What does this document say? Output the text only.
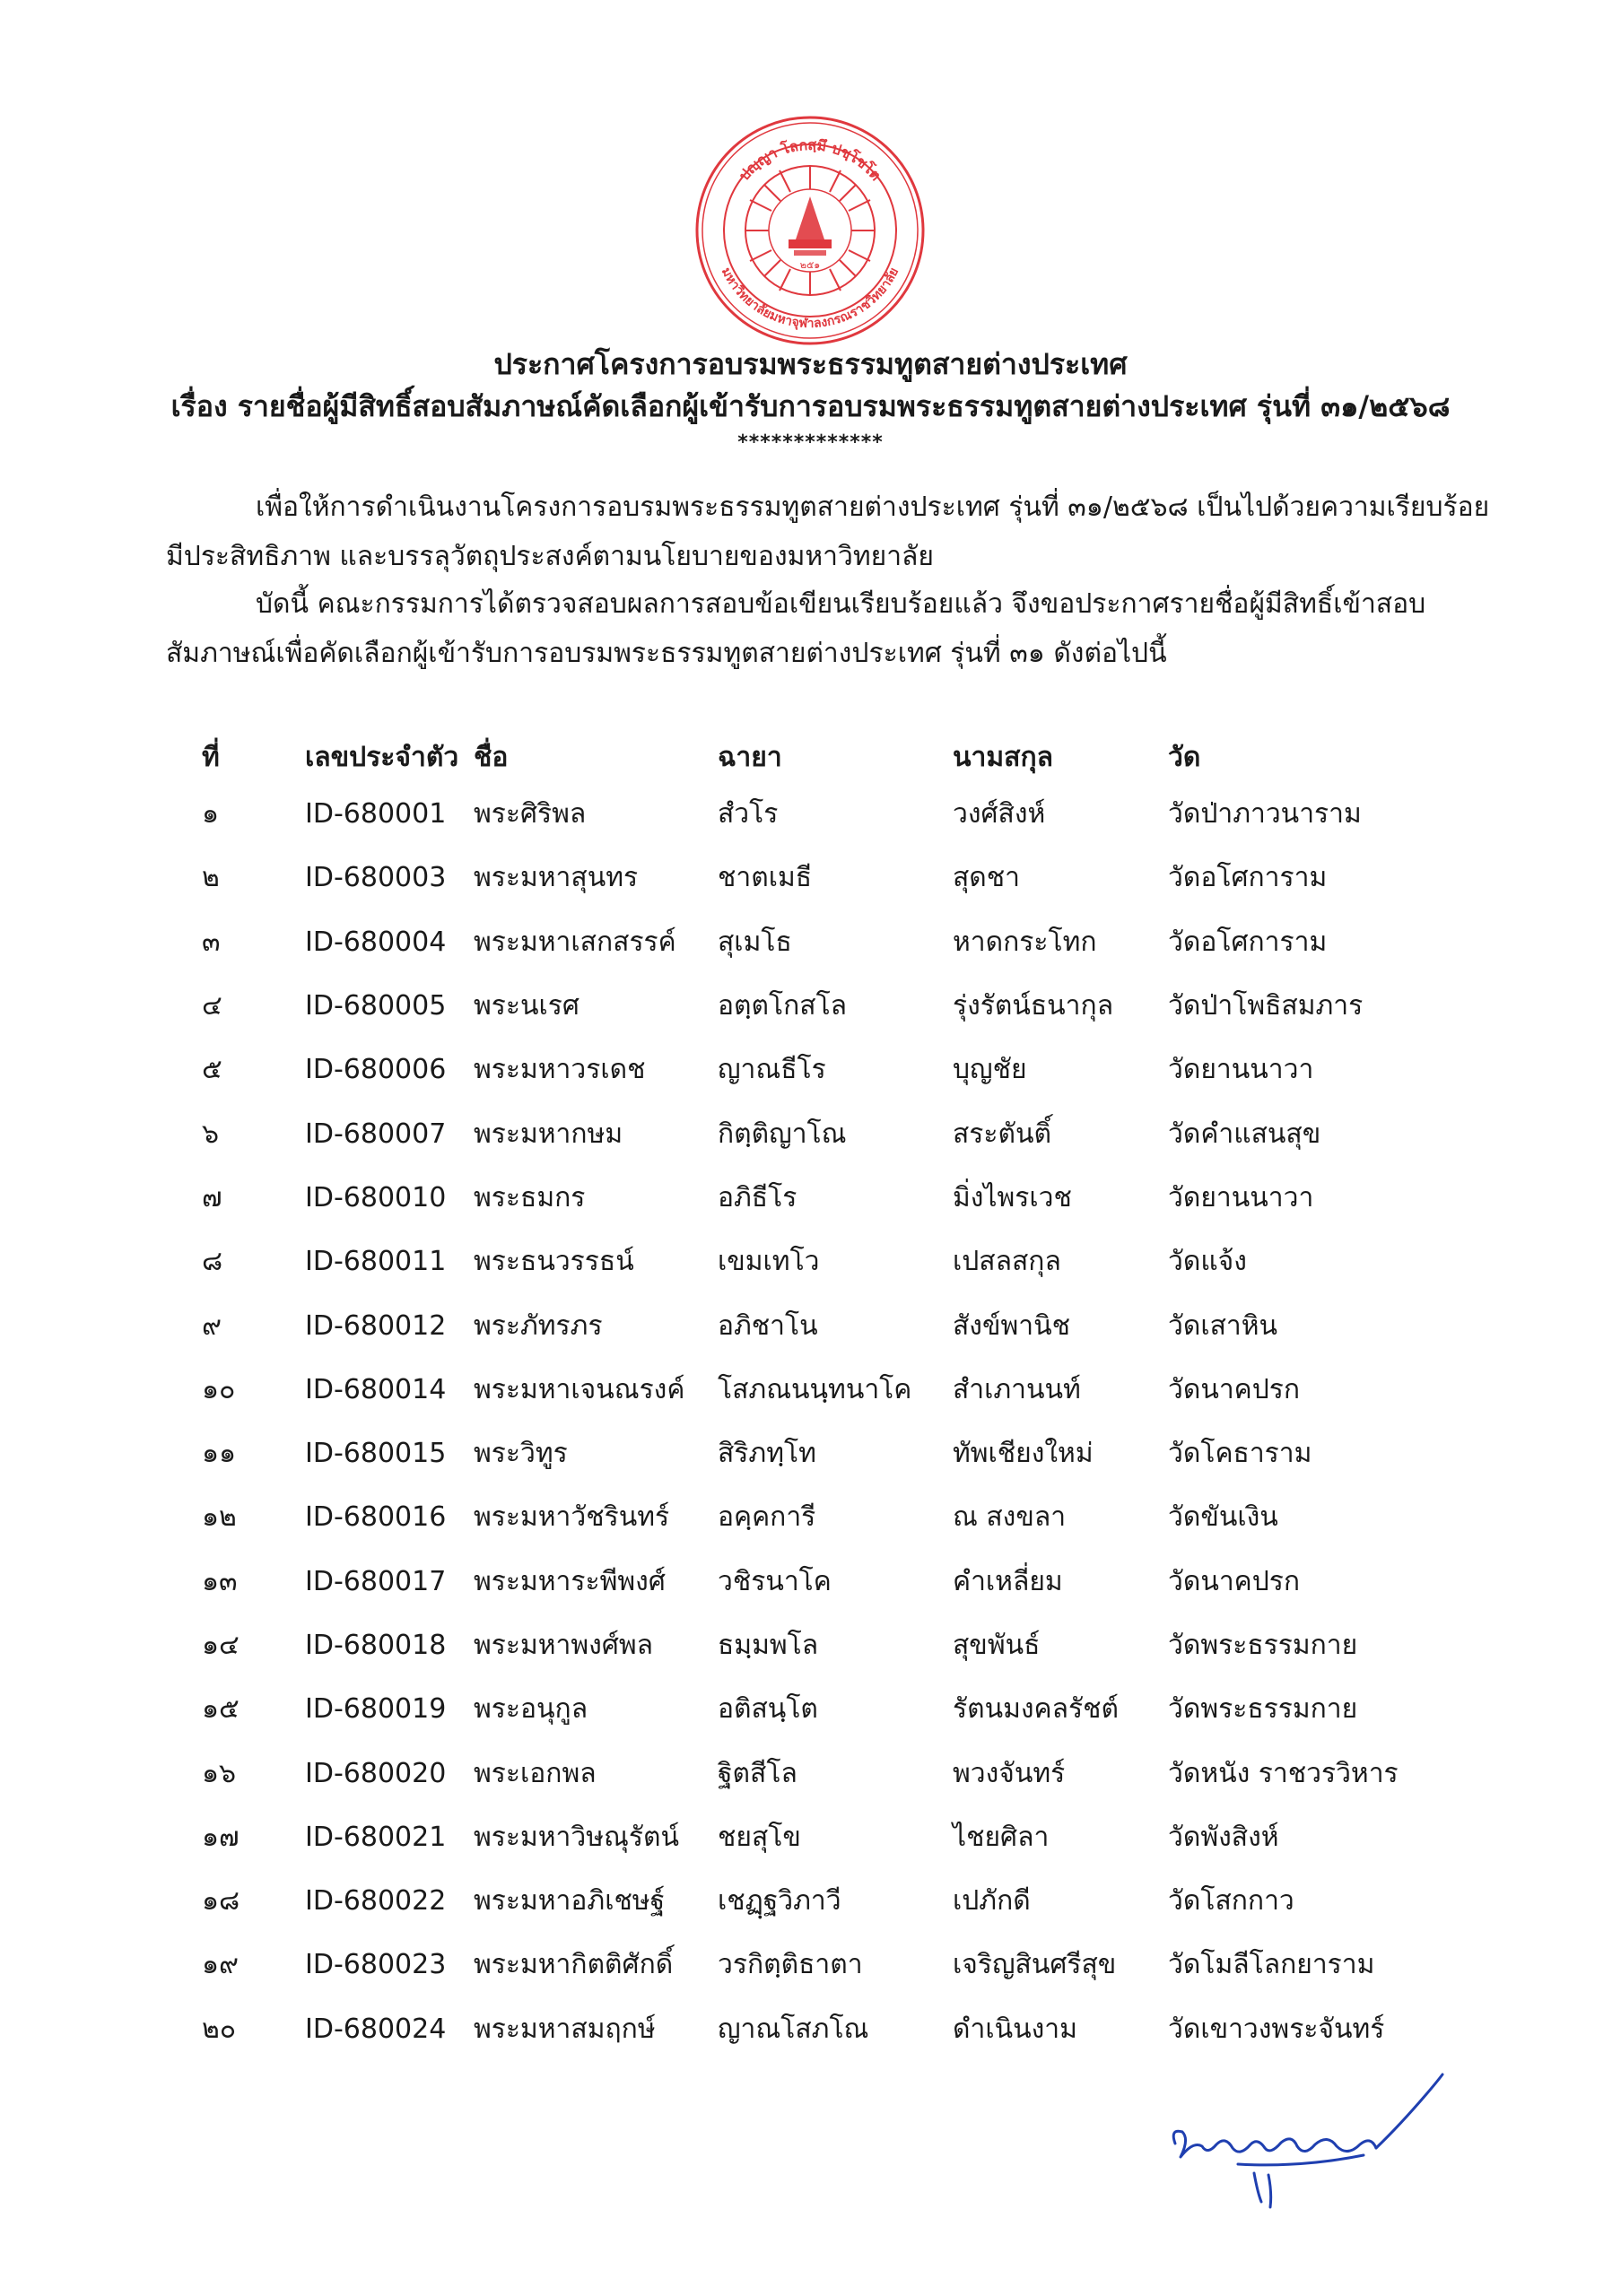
๒๕๑
ปญฺญา โลกสฺมึ ปชฺโชโต
มหาวิทยาลัยมหาจุฬาลงกรณราชวิทยาลัย
ประกาศโครงการอบรมพระธรรมทูตสายต่างประเทศ
เรื่อง รายชื่อผู้มีสิทธิ์สอบสัมภาษณ์คัดเลือกผู้เข้ารับการอบรมพระธรรมทูตสายต่างประเทศ รุ่นที่ ๓๑/๒๕๖๘
*************
เพื่อให้การดำเนินงานโครงการอบรมพระธรรมทูตสายต่างประเทศ รุ่นที่ ๓๑/๒๕๖๘ เป็นไปด้วยความเรียบร้อย
มีประสิทธิภาพ และบรรลุวัตถุประสงค์ตามนโยบายของมหาวิทยาลัย
บัดนี้ คณะกรรมการได้ตรวจสอบผลการสอบข้อเขียนเรียบร้อยแล้ว จึงขอประกาศรายชื่อผู้มีสิทธิ์เข้าสอบ
สัมภาษณ์เพื่อคัดเลือกผู้เข้ารับการอบรมพระธรรมทูตสายต่างประเทศ รุ่นที่ ๓๑ ดังต่อไปนี้
ที่	เลขประจำตัว	ชื่อ	ฉายา	นามสกุล	วัด
๑	ID-680001	พระศิริพล	สํวโร	วงศ์สิงห์	วัดป่าภาวนาราม
๒	ID-680003	พระมหาสุนทร	ชาตเมธี	สุดชา	วัดอโศการาม
๓	ID-680004	พระมหาเสกสรรค์	สุเมโธ	หาดกระโทก	วัดอโศการาม
๔	ID-680005	พระนเรศ	อตฺตโกสโล	รุ่งรัตน์ธนากุล	วัดป่าโพธิสมภาร
๕	ID-680006	พระมหาวรเดช	ญาณธีโร	บุญชัย	วัดยานนาวา
๖	ID-680007	พระมหากษม	กิตฺติญาโณ	สระตันติ์	วัดคำแสนสุข
๗	ID-680010	พระธมกร	อภิธีโร	มิ่งไพรเวช	วัดยานนาวา
๘	ID-680011	พระธนวรรธน์	เขมเทโว	เปสลสกุล	วัดแจ้ง
๙	ID-680012	พระภัทรภร	อภิชาโน	สังข์พานิช	วัดเสาหิน
๑๐	ID-680014	พระมหาเจนณรงค์	โสภณนนฺทนาโค	สำเภานนท์	วัดนาคปรก
๑๑	ID-680015	พระวิทูร	สิริภทฺโท	ทัพเชียงใหม่	วัดโคธาราม
๑๒	ID-680016	พระมหาวัชรินทร์	อคฺคการี	ณ สงขลา	วัดขันเงิน
๑๓	ID-680017	พระมหาระพีพงศ์	วชิรนาโค	คำเหลี่ยม	วัดนาคปรก
๑๔	ID-680018	พระมหาพงศ์พล	ธมฺมพโล	สุขพันธ์	วัดพระธรรมกาย
๑๕	ID-680019	พระอนุกูล	อติสนฺโต	รัตนมงคลรัชต์	วัดพระธรรมกาย
๑๖	ID-680020	พระเอกพล	ฐิตสีโล	พวงจันทร์	วัดหนัง ราชวรวิหาร
๑๗	ID-680021	พระมหาวิษณุรัตน์	ชยสุโข	ไชยศิลา	วัดพังสิงห์
๑๘	ID-680022	พระมหาอภิเชษฐ์	เชฏฺฐวิภาวี	เปภักดี	วัดโสกกาว
๑๙	ID-680023	พระมหากิตติศักดิ์	วรกิตฺติธาตา	เจริญสินศรีสุข	วัดโมลีโลกยาราม
๒๐	ID-680024	พระมหาสมฤกษ์	ญาณโสภโณ	ดำเนินงาม	วัดเขาวงพระจันทร์
